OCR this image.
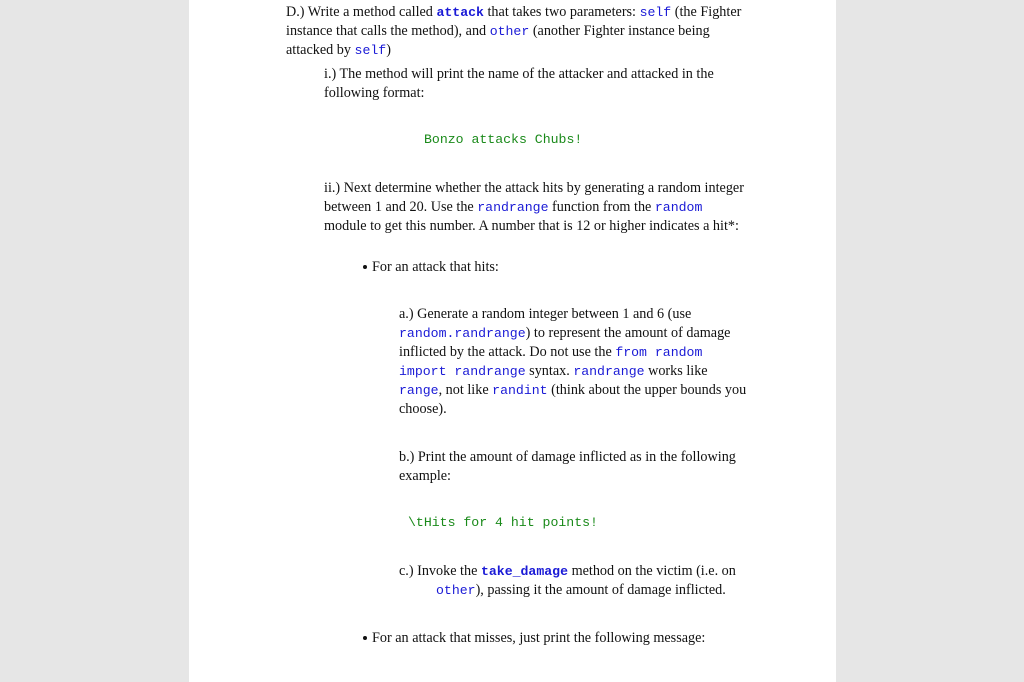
D.) Write a method called attack that takes two parameters: self (the Fighter
instance that calls the method), and other (another Fighter instance being
attacked by self)
i.) The method will print the name of the attacker and attacked in the
following format:
Bonzo attacks Chubs!
ii.) Next determine whether the attack hits by generating a random integer
between 1 and 20. Use the randrange function from the random
module to get this number. A number that is 12 or higher indicates a hit*:
For an attack that hits:
a.) Generate a random integer between 1 and 6 (use
random.randrange) to represent the amount of damage
inflicted by the attack. Do not use the from random
import randrange syntax. randrange works like
range, not like randint (think about the upper bounds you
choose).
b.) Print the amount of damage inflicted as in the following
example:
\tHits for 4 hit points!
c.) Invoke the take_damage method on the victim (i.e. on
other), passing it the amount of damage inflicted.
For an attack that misses, just print the following message:
